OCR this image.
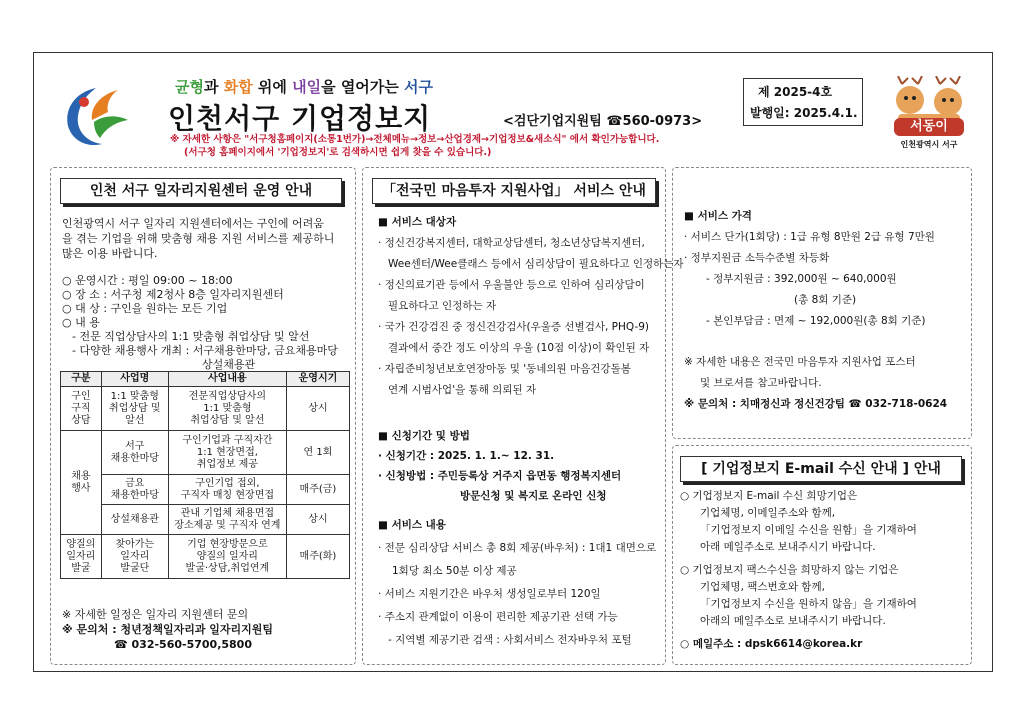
균형과 화합 위에 내일을 열어가는 서구
인천서구 기업정보지	<검단기업지원팀 ☎560-0973>
제 2025-4호
발행일: 2025.4.1.
서동이
인천광역시 서구
※ 자세한 사항은 "서구청홈페이지(소통1번가)→전체메뉴→정보→산업경제→기업정보&새소식" 에서 확인가능합니다.
(서구청 홈페이지에서 '기업정보지'로 검색하시면 쉽게 찾을 수 있습니다.)
인천 서구 일자리지원센터 운영 안내
인천광역시 서구 일자리 지원센터에서는 구인에 어려움
을 겪는 기업을 위해 맞춤형 채용 지원 서비스를 제공하니
많은 이용 바랍니다.
○ 운영시간 : 평일 09:00 ~ 18:00
○ 장 소 : 서구청 제2청사 8층 일자리지원센터
○ 대 상 : 구인을 원하는 모든 기업
○ 내 용
- 전문 직업상담사의 1:1 맞춤형 취업상담 및 알선
- 다양한 채용행사 개최 : 서구채용한마당, 금요채용마당
상설채용관
구분	사업명	사업내용	운영시기
구인
구직
상담	1:1 맞춤형
취업상담 및
알선	전문직업상담사의
1:1 맞춤형
취업상담 및 알선	상시
채용
행사	서구
채용한마당	구인기업과 구직자간
1:1 현장면접,
취업정보 제공	연 1회
	금요
채용한마당	구인기업 접외,
구직자 매칭 현장면접	매주(금)
	상설채용관	관내 기업체 채용면접
장소제공 및 구직자 연계	상시
양질의
일자리
발굴	찾아가는
일자리
발굴단	기업 현장방문으로
양질의 일자리
발굴·상담,취업연계	매주(화)
※ 자세한 일정은 일자리 지원센터 문의
※ 문의처 : 청년정책일자리과 일자리지원팀
☎ 032-560-5700,5800
「전국민 마음투자 지원사업」 서비스 안내
■ 서비스 대상자
· 정신건강복지센터, 대학교상담센터, 청소년상담복지센터,
Wee센터/Wee클래스 등에서 심리상담이 필요하다고 인정하는자
· 정신의료기관 등에서 우울불안 등으로 인하여 심리상담이
필요하다고 인정하는 자
· 국가 건강검진 중 정신건강검사(우울증 선별검사, PHQ-9)
결과에서 중간 정도 이상의 우울 (10점 이상)이 확인된 자
· 자립준비청년보호연장아동 및 '동네의원 마음건강돌봄
연계 시범사업'을 통해 의뢰된 자
■ 신청기간 및 방법
· 신청기간 : 2025. 1. 1.~ 12. 31.
· 신청방법 : 주민등록상 거주지 읍면동 행정복지센터
방문신청 및 복지로 온라인 신청
■ 서비스 내용
· 전문 심리상담 서비스 총 8회 제공(바우처) : 1대1 대면으로
1회당 최소 50분 이상 제공
· 서비스 지원기간은 바우처 생성일로부터 120일
· 주소지 관계없이 이용이 편리한 제공기관 선택 가능
- 지역별 제공기관 검색 : 사회서비스 전자바우처 포털
■ 서비스 가격
· 서비스 단가(1회당) : 1급 유형 8만원 2급 유형 7만원
· 정부지원금 소득수준별 차등화
- 정부지원금 : 392,000원 ~ 640,000원
(총 8회 기준)
- 본인부담금 : 면제 ~ 192,000원(총 8회 기준)
※ 자세한 내용은 전국민 마음투자 지원사업 포스터
및 브로셔를 참고바랍니다.
※ 문의처 : 치매정신과 정신건강팀 ☎ 032-718-0624
[ 기업정보지 E-mail 수신 안내 ] 안내
○ 기업정보지 E-mail 수신 희망기업은
기업체명, 이메일주소와 함께,
「기업정보지 이메일 수신을 원함」을 기재하여
아래 메일주소로 보내주시기 바랍니다.
○ 기업정보지 팩스수신을 희망하지 않는 기업은
기업체명, 팩스번호와 함께,
「기업정보지 수신을 원하지 않음」을 기재하여
아래의 메일주소로 보내주시기 바랍니다.
○ 메일주소 : dpsk6614@korea.kr
